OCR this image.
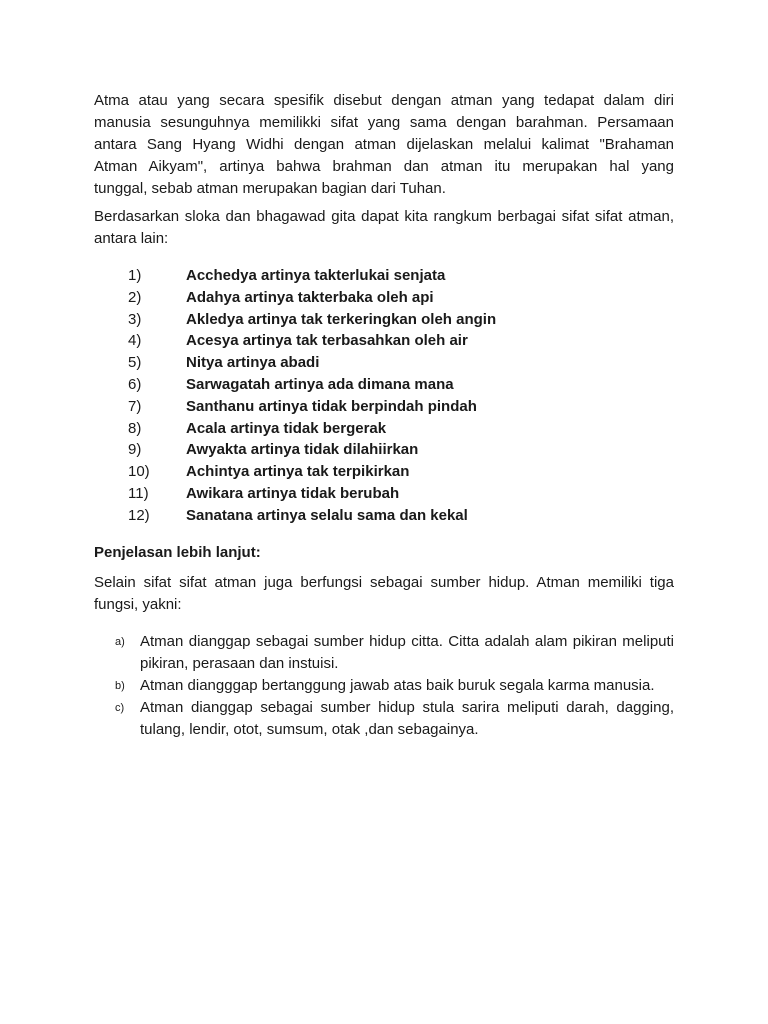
Atma atau yang secara spesifik disebut dengan atman yang tedapat dalam diri
manusia sesunguhnya memilikki sifat yang sama dengan barahman. Persamaan
antara Sang Hyang Widhi dengan atman dijelaskan melalui kalimat "Brahaman
Atman Aikyam", artinya bahwa brahman dan atman itu merupakan hal yang
tunggal, sebab atman merupakan bagian dari Tuhan.

Berdasarkan sloka dan bhagawad gita dapat kita rangkum berbagai sifat sifat atman, antara lain:

1)	Acchedya artinya takterlukai senjata
2)	Adahya artinya takterbaka oleh api
3)	Akledya artinya tak terkeringkan oleh angin
4)	Acesya artinya tak terbasahkan oleh air
5)	Nitya artinya abadi
6)	Sarwagatah artinya ada dimana mana
7)	Santhanu artinya tidak berpindah pindah
8)	Acala artinya tidak bergerak
9)	Awyakta artinya tidak dilahiirkan
10)	Achintya artinya tak terpikirkan
11)	Awikara artinya tidak berubah
12)	Sanatana artinya selalu sama dan kekal

Penjelasan lebih lanjut:

Selain sifat sifat atman juga berfungsi sebagai sumber hidup. Atman memiliki tiga fungsi, yakni:

a)	Atman dianggap sebagai sumber hidup citta. Citta adalah alam pikiran meliputi pikiran, perasaan dan instuisi.
b)	Atman diangggap bertanggung jawab atas baik buruk segala karma manusia.
c)	Atman dianggap sebagai sumber hidup stula sarira meliputi darah, dagging, tulang, lendir, otot, sumsum, otak ,dan sebagainya.
